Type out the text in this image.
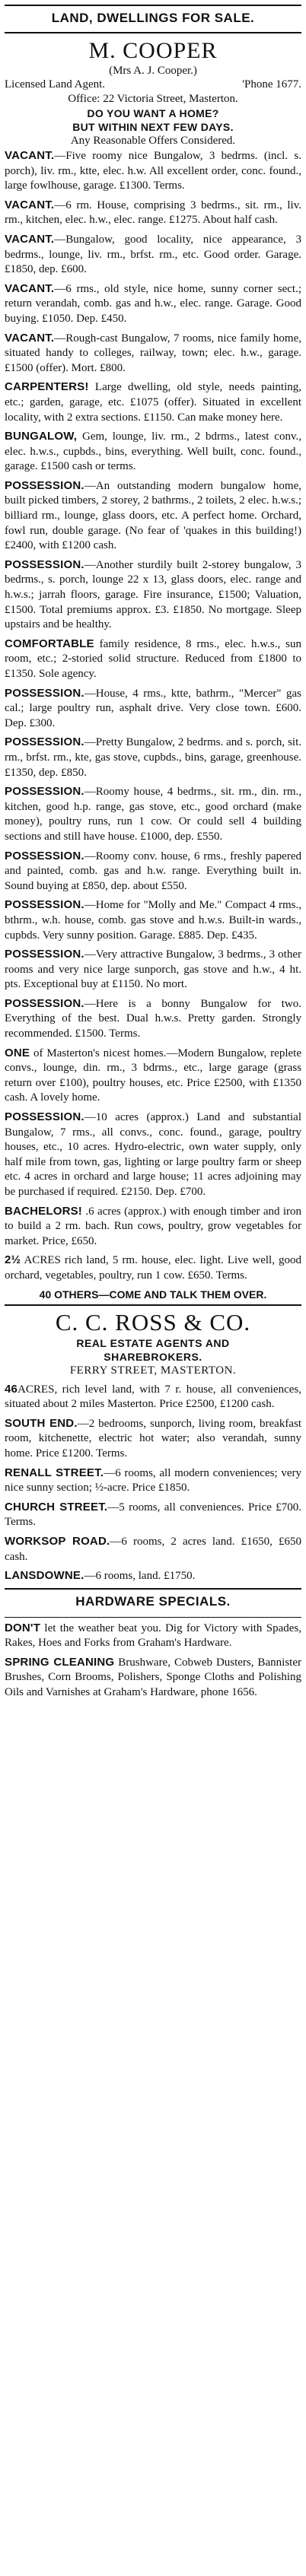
LAND, DWELLINGS FOR SALE.
M. COOPER
(Mrs A. J. Cooper.)
Licensed Land Agent.	'Phone 1677.
Office: 22 Victoria Street, Masterton.
DO YOU WANT A HOME?
BUT WITHIN NEXT FEW DAYS.
Any Reasonable Offers Considered.
VACANT.—Five roomy nice Bungalow, 3 bedrms. (incl. s. porch), liv. rm., ktte, elec. h.w. All excellent order, conc. found., large fowlhouse, garage. £1300. Terms.
VACANT.—6 rm. House, comprising 3 bedrms., sit. rm., liv. rm., kitchen, elec. h.w., elec. range. £1275. About half cash.
VACANT.—Bungalow, good locality, nice appearance, 3 bedrms., lounge, liv. rm., brfst. rm., etc. Good order. Garage. £1850, dep. £600.
VACANT.—6 rms., old style, nice home, sunny corner sect.; return verandah, comb. gas and h.w., elec. range. Garage. Good buying. £1050. Dep. £450.
VACANT.—Rough-cast Bungalow, 7 rooms, nice family home, situated handy to colleges, railway, town; elec. h.w., garage. £1500 (offer). Mort. £800.
CARPENTERS! Large dwelling, old style, needs painting, etc.; garden, garage, etc. £1075 (offer). Situated in excellent locality, with 2 extra sections. £1150. Can make money here.
BUNGALOW, Gem, lounge, liv. rm., 2 bdrms., latest conv., elec. h.w.s., cupbds., bins, everything. Well built, conc. found., garage. £1500 cash or terms.
POSSESSION.—An outstanding modern bungalow home, built picked timbers, 2 storey, 2 bathrms., 2 toilets, 2 elec. h.w.s.; billiard rm., lounge, glass doors, etc. A perfect home. Orchard, fowl run, double garage. (No fear of 'quakes in this building!) £2400, with £1200 cash.
POSSESSION.—Another sturdily built 2-storey bungalow, 3 bedrms., s. porch, lounge 22 x 13, glass doors, elec. range and h.w.s.; jarrah floors, garage. Fire insurance, £1500; Valuation, £1500. Total premiums approx. £3. £1850. No mortgage. Sleep upstairs and be healthy.
COMFORTABLE family residence, 8 rms., elec. h.w.s., sun room, etc.; 2-storied solid structure. Reduced from £1800 to £1350. Sole agency.
POSSESSION.—House, 4 rms., ktte, bathrm., "Mercer" gas cal.; large poultry run, asphalt drive. Very close town. £600. Dep. £300.
POSSESSION.—Pretty Bungalow, 2 bedrms. and s. porch, sit. rm., brfst. rm., kte, gas stove, cupbds., bins, garage, greenhouse. £1350, dep. £850.
POSSESSION.—Roomy house, 4 bedrms., sit. rm., din. rm., kitchen, good h.p. range, gas stove, etc., good orchard (make money), poultry runs, run 1 cow. Or could sell 4 building sections and still have house. £1000, dep. £550.
POSSESSION.—Roomy conv. house, 6 rms., freshly papered and painted, comb. gas and h.w. range. Everything built in. Sound buying at £850, dep. about £550.
POSSESSION.—Home for "Molly and Me." Compact 4 rms., bthrm., w.h. house, comb. gas stove and h.w.s. Built-in wards., cupbds. Very sunny position. Garage. £885. Dep. £435.
POSSESSION.—Very attractive Bungalow, 3 bedrms., 3 other rooms and very nice large sunporch, gas stove and h.w., 4 ht. pts. Exceptional buy at £1150. No mort.
POSSESSION.—Here is a bonny Bungalow for two. Everything of the best. Dual h.w.s. Pretty garden. Strongly recommended. £1500. Terms.
ONE of Masterton's nicest homes.—Modern Bungalow, replete convs., lounge, din. rm., 3 bdrms., etc., large garage (grass return over £100), poultry houses, etc. Price £2500, with £1350 cash. A lovely home.
POSSESSION.—10 acres (approx.) Land and substantial Bungalow, 7 rms., all convs., conc. found., garage, poultry houses, etc., 10 acres. Hydro-electric, own water supply, only half mile from town, gas, lighting or large poultry farm or sheep etc. 4 acres in orchard and large house; 11 acres adjoining may be purchased if required. £2150. Dep. £700.
BACHELORS! .6 acres (approx.) with enough timber and iron to build a 2 rm. bach. Run cows, poultry, grow vegetables for market. Price, £650.
2½ ACRES rich land, 5 rm. house, elec. light. Live well, good orchard, vegetables, poultry, run 1 cow. £650. Terms.
40 OTHERS—COME AND TALK THEM OVER.
C. C. ROSS & CO.
REAL ESTATE AGENTS AND
SHAREBROKERS.
FERRY STREET, MASTERTON.
46ACRES, rich level land, with 7 r. house, all conveniences, situated about 2 miles Masterton. Price £2500, £1200 cash.
SOUTH END.—2 bedrooms, sunporch, living room, breakfast room, kitchenette, electric hot water; also verandah, sunny home. Price £1200. Terms.
RENALL STREET.—6 rooms, all modern conveniences; very nice sunny section; ½-acre. Price £1850.
CHURCH STREET.—5 rooms, all conveniences. Price £700. Terms.
WORKSOP ROAD.—6 rooms, 2 acres land. £1650, £650 cash.
LANSDOWNE.—6 rooms, land. £1750.
HARDWARE SPECIALS.
DON'T let the weather beat you. Dig for Victory with Spades, Rakes, Hoes and Forks from Graham's Hardware.
SPRING CLEANING Brushware, Cobweb Dusters, Bannister Brushes, Corn Brooms, Polishers, Sponge Cloths and Polishing Oils and Varnishes at Graham's Hardware, phone 1656.
